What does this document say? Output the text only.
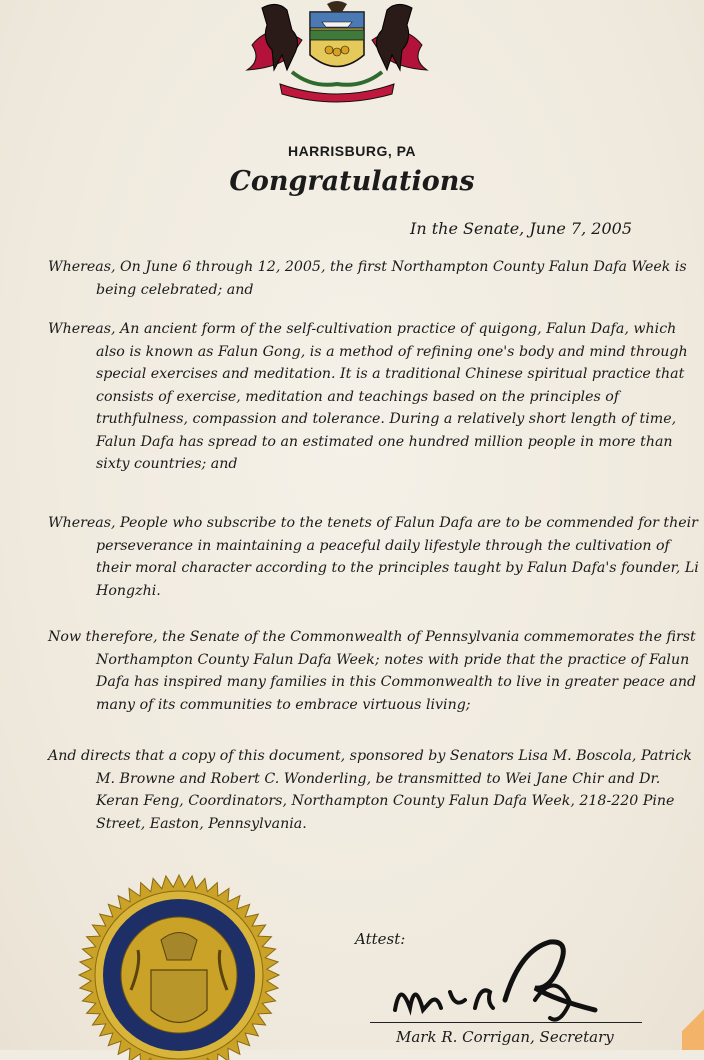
HARRISBURG, PA
Congratulations
In the Senate, June 7, 2005
Whereas, On June 6 through 12, 2005, the first Northampton County Falun Dafa Week is being celebrated; and
Whereas, An ancient form of the self-cultivation practice of quigong, Falun Dafa, which also is known as Falun Gong, is a method of refining one's body and mind through special exercises and meditation. It is a traditional Chinese spiritual practice that consists of exercise, meditation and teachings based on the principles of truthfulness, compassion and tolerance. During a relatively short length of time, Falun Dafa has spread to an estimated one hundred million people in more than sixty countries; and
Whereas, People who subscribe to the tenets of Falun Dafa are to be commended for their perseverance in maintaining a peaceful daily lifestyle through the cultivation of their moral character according to the principles taught by Falun Dafa's founder, Li Hongzhi.
Now therefore, the Senate of the Commonwealth of Pennsylvania commemorates the first Northampton County Falun Dafa Week; notes with pride that the practice of Falun Dafa has inspired many families in this Commonwealth to live in greater peace and many of its communities to embrace virtuous living;
And directs that a copy of this document, sponsored by Senators Lisa M. Boscola, Patrick M. Browne and Robert C. Wonderling, be transmitted to Wei Jane Chir and Dr. Keran Feng, Coordinators, Northampton County Falun Dafa Week, 218-220 Pine Street, Easton, Pennsylvania.
Attest:
Mark R. Corrigan, Secretary
